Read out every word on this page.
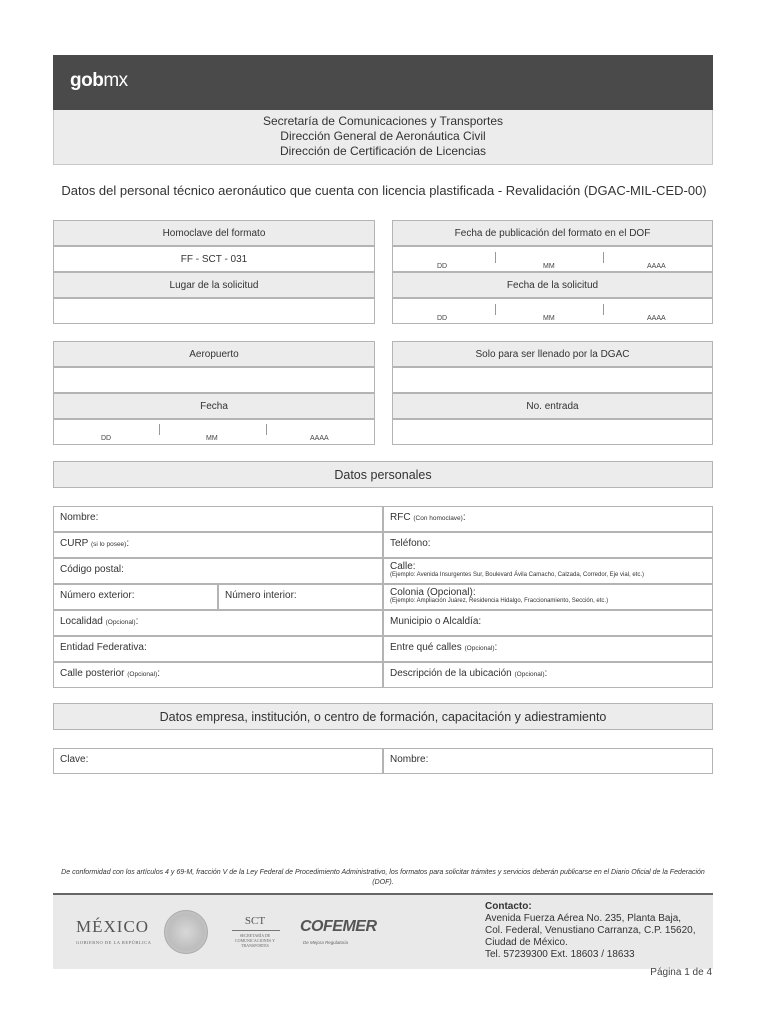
gobmx
Secretaría de Comunicaciones y Transportes
Dirección General de Aeronáutica Civil
Dirección de Certificación de Licencias
Datos del personal técnico aeronáutico que cuenta con licencia plastificada - Revalidación (DGAC-MIL-CED-00)
Homoclave del formato
FF - SCT - 031
Lugar de la solicitud
Fecha de publicación del formato en el DOF
DD	MM	AAAA
Fecha de la solicitud
DD	MM	AAAA
Aeropuerto
Fecha
DD	MM	AAAA
Solo para ser llenado por la DGAC
No. entrada
Datos personales
Nombre:	RFC (Con homoclave):
CURP (si lo posee):	Teléfono:
Código postal:	Calle:
(Ejemplo: Avenida Insurgentes Sur, Boulevard Ávila Camacho, Calzada, Corredor, Eje vial, etc.)
Número exterior:	Número interior:	Colonia (Opcional):
(Ejemplo: Ampliación Juárez, Residencia Hidalgo, Fraccionamiento, Sección, etc.)
Localidad (Opcional):	Municipio o Alcaldía:
Entidad Federativa:	Entre qué calles (Opcional):
Calle posterior (Opcional):	Descripción de la ubicación (Opcional):
Datos empresa, institución, o centro de formación, capacitación y adiestramiento
Clave:	Nombre:
De conformidad con los artículos 4 y 69-M, fracción V de la Ley Federal de Procedimiento Administrativo, los formatos para solicitar trámites y servicios deberán publicarse en el Diario Oficial de la Federación (DOF).
MÉXICO
GOBIERNO DE LA REPÚBLICA
SCT
SECRETARÍA DE COMUNICACIONES Y TRANSPORTES
COFEMER
De Mejora Regulatoria
Contacto:
Avenida Fuerza Aérea No. 235, Planta Baja,
Col. Federal, Venustiano Carranza, C.P. 15620,
Ciudad de México.
Tel. 57239300 Ext. 18603 / 18633
Página 1 de 4
